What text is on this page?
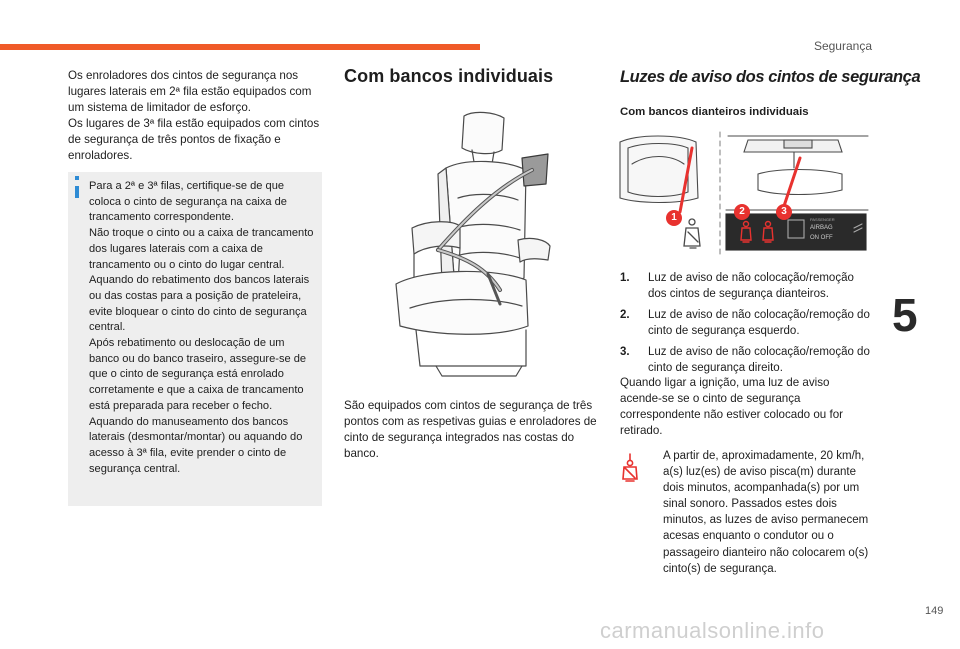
Segurança
5
149
carmanualsonline.info

Os enroladores dos cintos de segurança nos lugares laterais em 2ª fila estão equipados com um sistema de limitador de esforço.

Os lugares de 3ª fila estão equipados com cintos de segurança de três pontos de fixação e enroladores.

Para a 2ª e 3ª filas, certifique-se de que coloca o cinto de segurança na caixa de trancamento correspondente.

Não troque o cinto ou a caixa de trancamento dos lugares laterais com a caixa de trancamento ou o cinto do lugar central.

Aquando do rebatimento dos bancos laterais ou das costas para a posição de prateleira, evite bloquear o cinto do cinto de segurança central.

Após rebatimento ou deslocação de um banco ou do banco traseiro, assegure-se de que o cinto de segurança está enrolado corretamente e que a caixa de trancamento está preparada para receber o fecho.

Aquando do manuseamento dos bancos laterais (desmontar/montar) ou aquando do acesso à 3ª fila, evite prender o cinto de segurança central.

Com bancos individuais

São equipados com cintos de segurança de três pontos com as respetivas guias e enroladores de cinto de segurança integrados nas costas do banco.

Luzes de aviso dos cintos de segurança
Com bancos dianteiros individuais
1
2	3
PASSENGER
AIRBAG
ON OFF
1. Luz de aviso de não colocação/remoção dos cintos de segurança dianteiros.
2. Luz de aviso de não colocação/remoção do cinto de segurança esquerdo.
3. Luz de aviso de não colocação/remoção do cinto de segurança direito.

Quando ligar a ignição, uma luz de aviso acende-se se o cinto de segurança correspondente não estiver colocado ou for retirado.

A partir de, aproximadamente, 20 km/h, a(s) luz(es) de aviso pisca(m) durante dois minutos, acompanhada(s) por um sinal sonoro. Passados estes dois minutos, as luzes de aviso permanecem acesas enquanto o condutor ou o passageiro dianteiro não colocarem o(s) cinto(s) de segurança.
